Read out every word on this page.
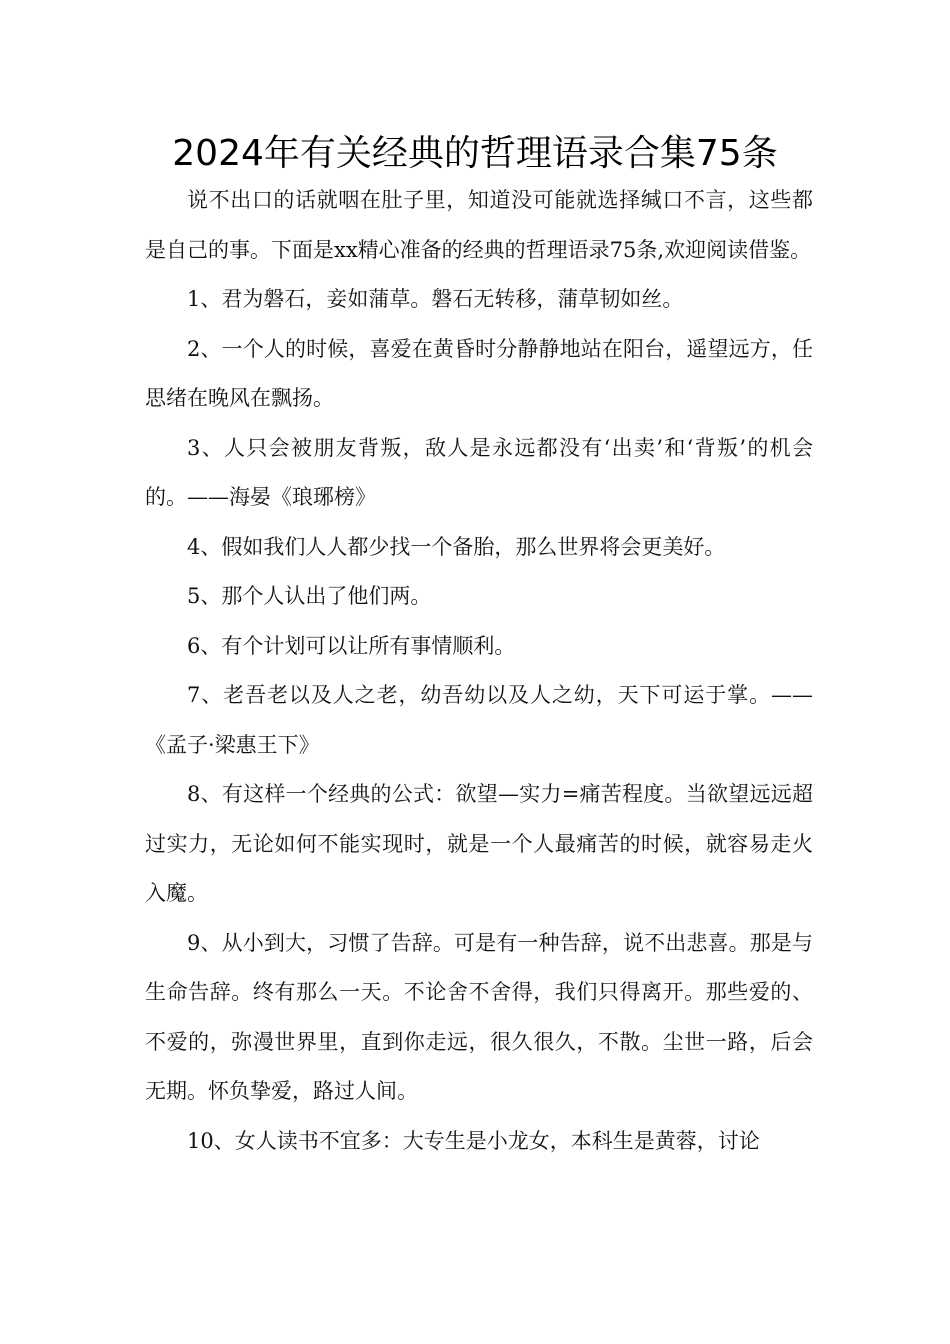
2024年有关经典的哲理语录合集75条

说不出口的话就咽在肚子里，知道没可能就选择缄口不言，这些都是自己的事。下面是xx精心准备的经典的哲理语录75条,欢迎阅读借鉴。

1、君为磐石，妾如蒲草。磐石无转移，蒲草韧如丝。

2、一个人的时候，喜爱在黄昏时分静静地站在阳台，遥望远方，任思绪在晚风在飘扬。

3、人只会被朋友背叛，敌人是永远都没有‘出卖’和‘背叛’的机会的。——海晏《琅琊榜》

4、假如我们人人都少找一个备胎，那么世界将会更美好。

5、那个人认出了他们两。

6、有个计划可以让所有事情顺利。

7、老吾老以及人之老，幼吾幼以及人之幼，天下可运于掌。——《孟子·梁惠王下》

8、有这样一个经典的公式：欲望—实力=痛苦程度。当欲望远远超过实力，无论如何不能实现时，就是一个人最痛苦的时候，就容易走火入魔。

9、从小到大，习惯了告辞。可是有一种告辞，说不出悲喜。那是与生命告辞。终有那么一天。不论舍不舍得，我们只得离开。那些爱的、不爱的，弥漫世界里，直到你走远，很久很久，不散。尘世一路，后会无期。怀负挚爱，路过人间。

10、女人读书不宜多：大专生是小龙女，本科生是黄蓉，讨论
